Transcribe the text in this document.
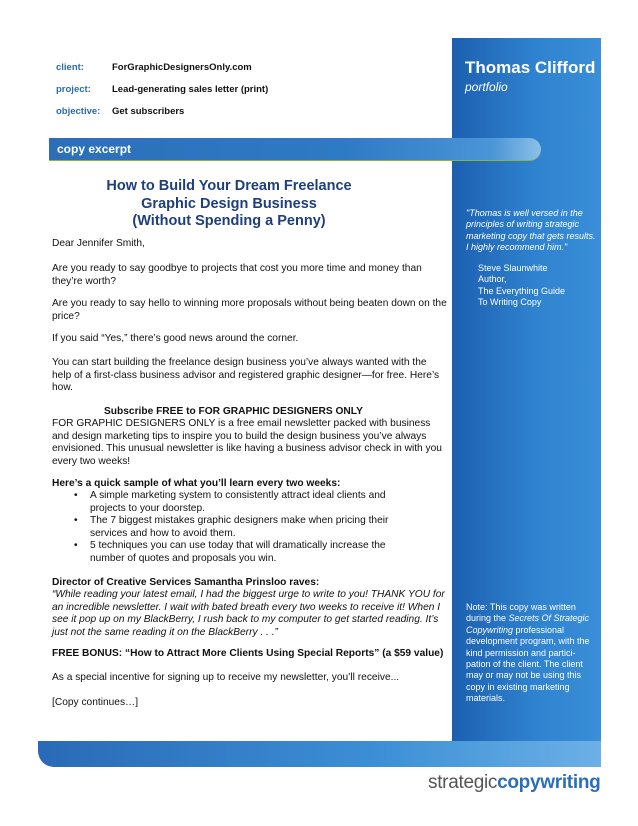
client:	ForGraphicDesignersOnly.com
project:	Lead-generating sales letter (print)
objective:	Get subscribers
Thomas Clifford
portfolio
"Thomas is well versed in the principles of writing strategic marketing copy that gets results. I highly recommend him."
Steve Slaunwhite
Author,
The Everything Guide
To Writing Copy
Note: This copy was written during the Secrets Of Strategic Copywriting professional development program, with the kind permission and partici-pation of the client. The client may or may not be using this copy in existing marketing materials.
copy excerpt
How to Build Your Dream Freelance
Graphic Design Business
(Without Spending a Penny)
Dear Jennifer Smith,
Are you ready to say goodbye to projects that cost you more time and money than they’re worth?
Are you ready to say hello to winning more proposals without being beaten down on the price?
If you said “Yes,” there’s good news around the corner.
You can start building the freelance design business you’ve always wanted with the help of a first-class business advisor and registered graphic designer—for free. Here’s how.
Subscribe FREE to FOR GRAPHIC DESIGNERS ONLY
FOR GRAPHIC DESIGNERS ONLY is a free email newsletter packed with business and design marketing tips to inspire you to build the design business you’ve always envisioned. This unusual newsletter is like having a business advisor check in with you every two weeks!
Here’s a quick sample of what you’ll learn every two weeks:
• A simple marketing system to consistently attract ideal clients and projects to your doorstep.
• The 7 biggest mistakes graphic designers make when pricing their services and how to avoid them.
• 5 techniques you can use today that will dramatically increase the number of quotes and proposals you win.
Director of Creative Services Samantha Prinsloo raves:
“While reading your latest email, I had the biggest urge to write to you! THANK YOU for an incredible newsletter. I wait with bated breath every two weeks to receive it! When I see it pop up on my BlackBerry, I rush back to my computer to get started reading. It’s just not the same reading it on the BlackBerry . . .”
FREE BONUS: “How to Attract More Clients Using Special Reports” (a $59 value)
As a special incentive for signing up to receive my newsletter, you’ll receive...
[Copy continues…]
strategiccopywriting
